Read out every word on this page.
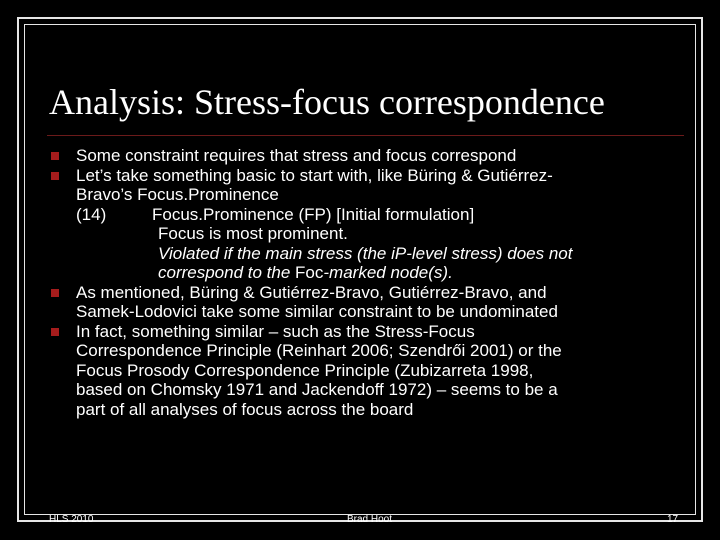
Analysis: Stress-focus correspondence
Some constraint requires that stress and focus correspond
Let’s take something basic to start with, like Büring & Gutiérrez-
Bravo’s Focus.Prominence
(14)	Focus.Prominence (FP) [Initial formulation]
Focus is most prominent.
Violated if the main stress (the iP-level stress) does not
correspond to the Foc-marked node(s).
As mentioned, Büring & Gutiérrez-Bravo, Gutiérrez-Bravo, and
Samek-Lodovici take some similar constraint to be undominated
In fact, something similar – such as the Stress-Focus
Correspondence Principle (Reinhart 2006; Szendrői 2001) or the
Focus Prosody Correspondence Principle (Zubizarreta 1998,
based on Chomsky 1971 and Jackendoff 1972) – seems to be a
part of all analyses of focus across the board
HLS 2010	Brad Hoot	17
